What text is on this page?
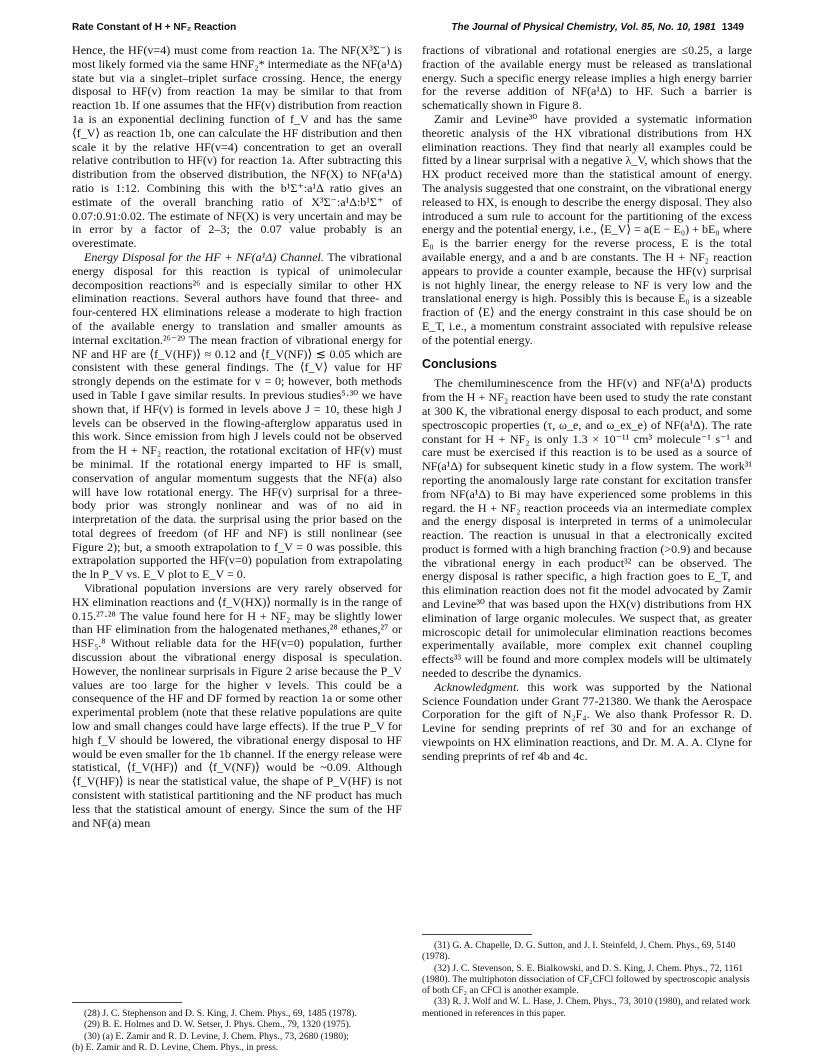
Rate Constant of H + NF₂ Reaction	The Journal of Physical Chemistry, Vol. 85, No. 10, 1981 1349

Hence, the HF(v=4) must come from reaction 1a. The NF(X³Σ⁻) is most likely formed via the same HNF₂* intermediate as the NF(a¹Δ) state but via a singlet–triplet surface crossing. Hence, the energy disposal to HF(v) from reaction 1a may be similar to that from reaction 1b. If one assumes that the HF(v) distribution from reaction 1a is an exponential declining function of f_V and has the same ⟨f_V⟩ as reaction 1b, one can calculate the HF distribution and then scale it by the relative HF(v=4) concentration to get an overall relative contribution to HF(v) for reaction 1a. After subtracting this distribution from the observed distribution, the NF(X) to NF(a¹Δ) ratio is 1:12. Combining this with the b¹Σ⁺:a¹Δ ratio gives an estimate of the overall branching ratio of X³Σ⁻:a¹Δ:b¹Σ⁺ of 0.07:0.91:0.02. The estimate of NF(X) is very uncertain and may be in error by a factor of 2–3; the 0.07 value probably is an overestimate.

Energy Disposal for the HF + NF(a¹Δ) Channel. The vibrational energy disposal for this reaction is typical of unimolecular decomposition reactions²⁶ and is especially similar to other HX elimination reactions. Several authors have found that three- and four-centered HX eliminations release a moderate to high fraction of the available energy to translation and smaller amounts as internal excitation.²⁶⁻²⁹ The mean fraction of vibrational energy for NF and HF are ⟨f_V(HF)⟩ ≈ 0.12 and ⟨f_V(NF)⟩ ≲ 0.05 which are consistent with these general findings. The ⟨f_V⟩ value for HF strongly depends on the estimate for v = 0; however, both methods used in Table I gave similar results. In previous studies⁵·³⁰ we have shown that, if HF(v) is formed in levels above J = 10, these high J levels can be observed in the flowing-afterglow apparatus used in this work. Since emission from high J levels could not be observed from the H + NF₂ reaction, the rotational excitation of HF(v) must be minimal. If the rotational energy imparted to HF is small, conservation of angular momentum suggests that the NF(a) also will have low rotational energy. The HF(v) surprisal for a three-body prior was strongly nonlinear and was of no aid in interpretation of the data. the surprisal using the prior based on the total degrees of freedom (of HF and NF) is still nonlinear (see Figure 2); but, a smooth extrapolation to f_V = 0 was possible. this extrapolation supported the HF(v=0) population from extrapolating the ln P_V vs. E_V plot to E_V = 0.

Vibrational population inversions are very rarely observed for HX elimination reactions and ⟨f_V(HX)⟩ normally is in the range of 0.15.²⁷·²⁸ The value found here for H + NF₂ may be slightly lower than HF elimination from the halogenated methanes,²⁸ ethanes,²⁷ or HSF₅.⁸ Without reliable data for the HF(v=0) population, further discussion about the vibrational energy disposal is speculation. However, the nonlinear surprisals in Figure 2 arise because the P_V values are too large for the higher v levels. This could be a consequence of the HF and DF formed by reaction 1a or some other experimental problem (note that these relative populations are quite low and small changes could have large effects). If the true P_V for high f_V should be lowered, the vibrational energy disposal to HF would be even smaller for the 1b channel. If the energy release were statistical, ⟨f_V(HF)⟩ and ⟨f_V(NF)⟩ would be ~0.09. Although ⟨f_V(HF)⟩ is near the statistical value, the shape of P_V(HF) is not consistent with statistical partitioning and the NF product has much less that the statistical amount of energy. Since the sum of the HF and NF(a) mean

fractions of vibrational and rotational energies are ≤0.25, a large fraction of the available energy must be released as translational energy. Such a specific energy release implies a high energy barrier for the reverse addition of NF(a¹Δ) to HF. Such a barrier is schematically shown in Figure 8.

Zamir and Levine³⁰ have provided a systematic information theoretic analysis of the HX vibrational distributions from HX elimination reactions. They find that nearly all examples could be fitted by a linear surprisal with a negative λ_V, which shows that the HX product received more than the statistical amount of energy. The analysis suggested that one constraint, on the vibrational energy released to HX, is enough to describe the energy disposal. They also introduced a sum rule to account for the partitioning of the excess energy and the potential energy, i.e., ⟨E_V⟩ = a(E − E₀) + bE₀ where E₀ is the barrier energy for the reverse process, E is the total available energy, and a and b are constants. The H + NF₂ reaction appears to provide a counter example, because the HF(v) surprisal is not highly linear, the energy release to NF is very low and the translational energy is high. Possibly this is because E₀ is a sizeable fraction of ⟨E⟩ and the energy constraint in this case should be on E_T, i.e., a momentum constraint associated with repulsive release of the potential energy.

Conclusions

The chemiluminescence from the HF(v) and NF(a¹Δ) products from the H + NF₂ reaction have been used to study the rate constant at 300 K, the vibrational energy disposal to each product, and some spectroscopic properties (τ, ω_e, and ω_ex_e) of NF(a¹Δ). The rate constant for H + NF₂ is only 1.3 × 10⁻¹¹ cm³ molecule⁻¹ s⁻¹ and care must be exercised if this reaction is to be used as a source of NF(a¹Δ) for subsequent kinetic study in a flow system. The work³¹ reporting the anomalously large rate constant for excitation transfer from NF(a¹Δ) to Bi may have experienced some problems in this regard. the H + NF₂ reaction proceeds via an intermediate complex and the energy disposal is interpreted in terms of a unimolecular reaction. The reaction is unusual in that a electronically excited product is formed with a high branching fraction (>0.9) and because the vibrational energy in each product³² can be observed. The energy disposal is rather specific, a high fraction goes to E_T, and this elimination reaction does not fit the model advocated by Zamir and Levine³⁰ that was based upon the HX(v) distributions from HX elimination of large organic molecules. We suspect that, as greater microscopic detail for unimolecular elimination reactions becomes experimentally available, more complex exit channel coupling effects³³ will be found and more complex models will be ultimately needed to describe the dynamics.

Acknowledgment. this work was supported by the National Science Foundation under Grant 77-21380. We thank the Aerospace Corporation for the gift of N₂F₄. We also thank Professor R. D. Levine for sending preprints of ref 30 and for an exchange of viewpoints on HX elimination reactions, and Dr. M. A. A. Clyne for sending preprints of ref 4b and 4c.

(28) J. C. Stephenson and D. S. King, J. Chem. Phys., 69, 1485 (1978).
(29) B. E. Holmes and D. W. Setser, J. Phys. Chem., 79, 1320 (1975).
(30) (a) E. Zamir and R. D. Levine, J. Chem. Phys., 73, 2680 (1980);
(b) E. Zamir and R. D. Levine, Chem. Phys., in press.
(31) G. A. Chapelle, D. G. Sutton, and J. I. Steinfeld, J. Chem. Phys., 69, 5140 (1978).
(32) J. C. Stevenson, S. E. Bialkowski, and D. S. King, J. Chem. Phys., 72, 1161 (1980). The multiphoton dissociation of CF₂CFCl followed by spectroscopic analysis of both CF₂ an CFCl is another example.
(33) R. J. Wolf and W. L. Hase, J. Chem. Phys., 73, 3010 (1980), and related work mentioned in references in this paper.
